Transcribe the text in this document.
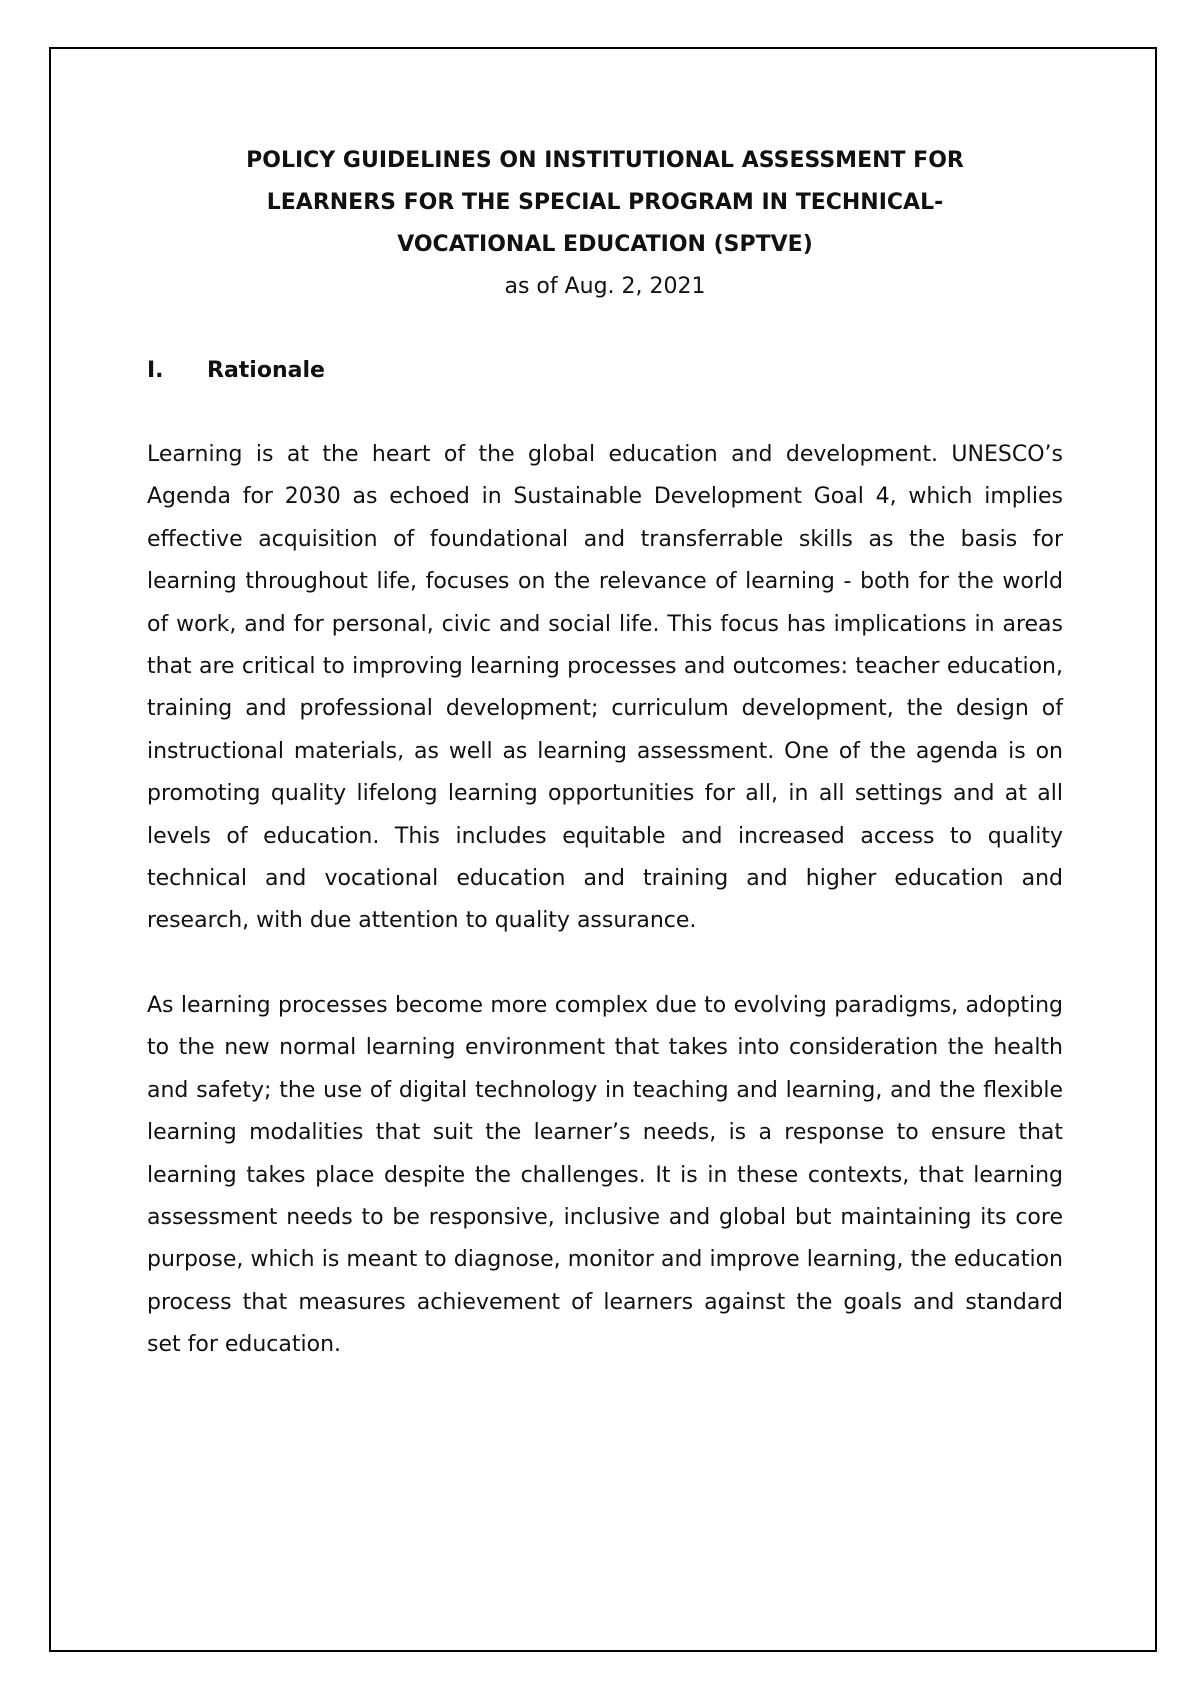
POLICY GUIDELINES ON INSTITUTIONAL ASSESSMENT FOR
LEARNERS FOR THE SPECIAL PROGRAM IN TECHNICAL-
VOCATIONAL EDUCATION (SPTVE)

as of Aug. 2, 2021

I.	Rationale

Learning is at the heart of the global education and development. UNESCO’s Agenda for 2030 as echoed in Sustainable Development Goal 4, which implies effective acquisition of foundational and transferrable skills as the basis for learning throughout life, focuses on the relevance of learning - both for the world of work, and for personal, civic and social life. This focus has implications in areas that are critical to improving learning processes and outcomes: teacher education, training and professional development; curriculum development, the design of instructional materials, as well as learning assessment. One of the agenda is on promoting quality lifelong learning opportunities for all, in all settings and at all levels of education. This includes equitable and increased access to quality technical and vocational education and training and higher education and research, with due attention to quality assurance.

As learning processes become more complex due to evolving paradigms, adopting to the new normal learning environment that takes into consideration the health and safety; the use of digital technology in teaching and learning, and the flexible learning modalities that suit the learner’s needs, is a response to ensure that learning takes place despite the challenges. It is in these contexts, that learning assessment needs to be responsive, inclusive and global but maintaining its core purpose, which is meant to diagnose, monitor and improve learning, the education process that measures achievement of learners against the goals and standard set for education.
